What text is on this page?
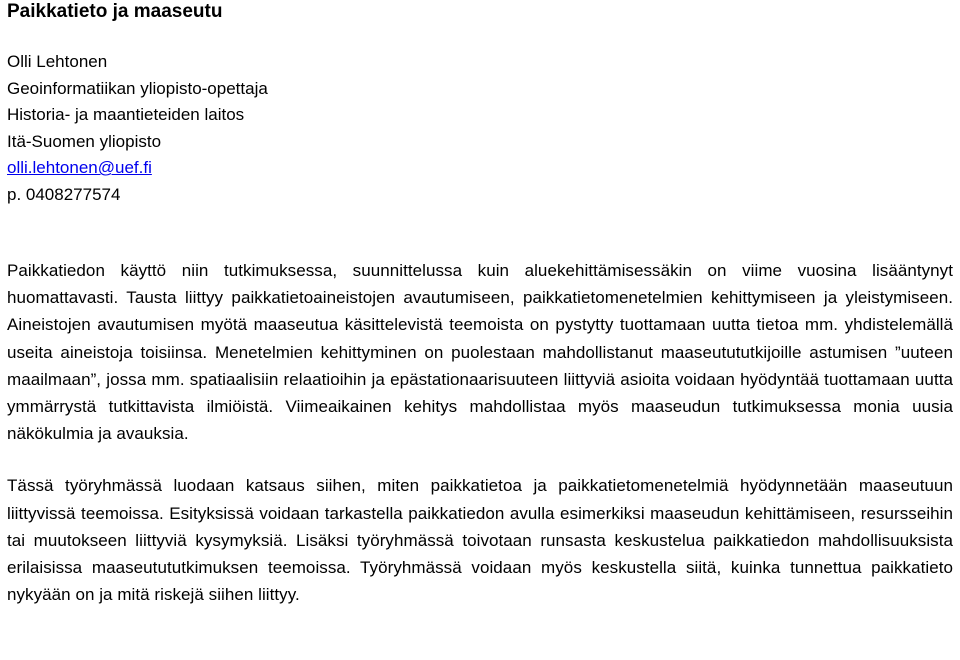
Paikkatieto ja maaseutu
Olli Lehtonen
Geoinformatiikan yliopisto-opettaja
Historia- ja maantieteiden laitos
Itä-Suomen yliopisto
olli.lehtonen@uef.fi
p. 0408277574

Paikkatiedon käyttö niin tutkimuksessa, suunnittelussa kuin aluekehittämisessäkin on viime vuosina lisääntynyt huomattavasti. Tausta liittyy paikkatietoaineistojen avautumiseen, paikkatietomenetelmien kehittymiseen ja yleistymiseen. Aineistojen avautumisen myötä maaseutua käsittelevistä teemoista on pystytty tuottamaan uutta tietoa mm. yhdistelemällä useita aineistoja toisiinsa. Menetelmien kehittyminen on puolestaan mahdollistanut maaseutututkijoille astumisen ”uuteen maailmaan”, jossa mm. spatiaalisiin relaatioihin ja epästationaarisuuteen liittyviä asioita voidaan hyödyntää tuottamaan uutta ymmärrystä tutkittavista ilmiöistä. Viimeaikainen kehitys mahdollistaa myös maaseudun tutkimuksessa monia uusia näkökulmia ja avauksia.

Tässä työryhmässä luodaan katsaus siihen, miten paikkatietoa ja paikkatietomenetelmiä hyödynnetään maaseutuun liittyvissä teemoissa. Esityksissä voidaan tarkastella paikkatiedon avulla esimerkiksi maaseudun kehittämiseen, resursseihin tai muutokseen liittyviä kysymyksiä. Lisäksi työryhmässä toivotaan runsasta keskustelua paikkatiedon mahdollisuuksista erilaisissa maaseutututkimuksen teemoissa. Työryhmässä voidaan myös keskustella siitä, kuinka tunnettua paikkatieto nykyään on ja mitä riskejä siihen liittyy.
